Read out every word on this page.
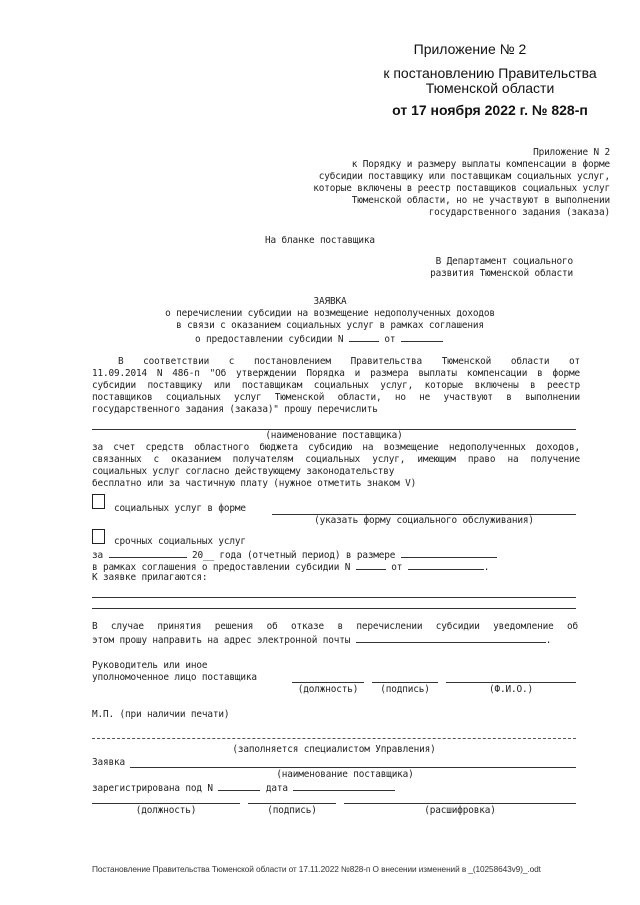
Приложение № 2
к постановлению Правительства
Тюменской области
от 17 ноября 2022 г. № 828-п
Приложение N 2
к Порядку и размеру выплаты компенсации в форме
субсидии поставщику или поставщикам социальных услуг,
которые включены в реестр поставщиков социальных услуг
Тюменской области, но не участвуют в выполнении
государственного задания (заказа)
На бланке поставщика
В Департамент социального
развития Тюменской области
ЗАЯВКА
о перечислении субсидии на возмещение недополученных доходов
в связи с оказанием социальных услуг в рамках соглашения
о предоставлении субсидии N	от
В соответствии с постановлением Правительства Тюменской области от
11.09.2014 N 486-п "Об утверждении Порядка и размера выплаты компенсации в форме субсидии поставщику или поставщикам социальных услуг, которые включены в реестр поставщиков социальных услуг Тюменской области, но не участвуют в выполнении государственного задания (заказа)" прошу перечислить
(наименование поставщика)
за счет средств областного бюджета субсидию на возмещение недополученных доходов, связанных с оказанием получателям социальных услуг, имеющим право на получение социальных услуг согласно действующему законодательству
бесплатно или за частичную плату (нужное отметить знаком V)
социальных услуг в форме
(указать форму социального обслуживания)
срочных социальных услуг
за	20__ года (отчетный период) в размере
в рамках соглашения о предоставлении субсидии N	от	.
К заявке прилагаются:
В случае принятия решения об отказе в перечислении субсидии уведомление об
этом прошу направить на адрес электронной почты	.
Руководитель или иное
уполномоченное лицо поставщика
(должность)	(подпись)	(Ф.И.О.)
М.П. (при наличии печати)
(заполняется специалистом Управления)
Заявка
(наименование поставщика)
зарегистрирована под N	дата
(должность)	(подпись)	(расшифровка)
Постановление Правительства Тюменской области от 17.11.2022 №828-п О внесении изменений в _(10258643v9)_.odt
